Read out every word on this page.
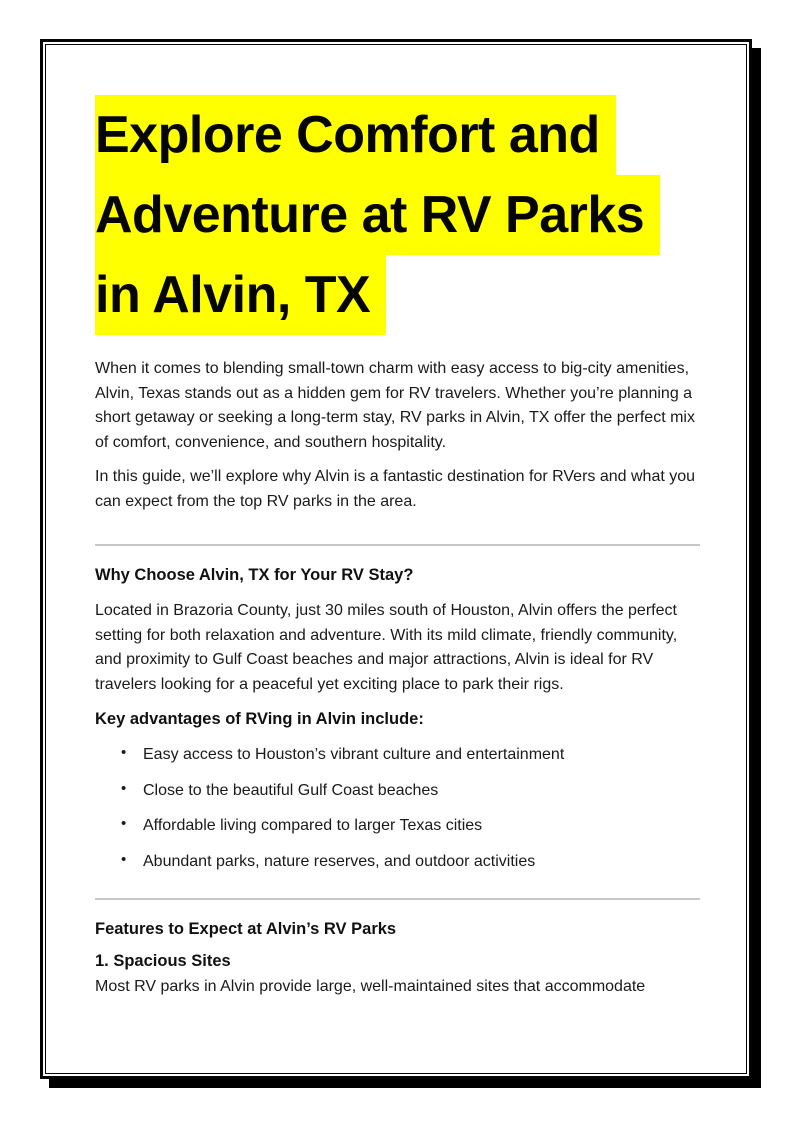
Explore Comfort and
Adventure at RV Parks
in Alvin, TX

When it comes to blending small-town charm with easy access to big-city amenities, Alvin, Texas stands out as a hidden gem for RV travelers. Whether you’re planning a short getaway or seeking a long-term stay, RV parks in Alvin, TX offer the perfect mix of comfort, convenience, and southern hospitality.

In this guide, we’ll explore why Alvin is a fantastic destination for RVers and what you can expect from the top RV parks in the area.

Why Choose Alvin, TX for Your RV Stay?

Located in Brazoria County, just 30 miles south of Houston, Alvin offers the perfect setting for both relaxation and adventure. With its mild climate, friendly community, and proximity to Gulf Coast beaches and major attractions, Alvin is ideal for RV travelers looking for a peaceful yet exciting place to park their rigs.

Key advantages of RVing in Alvin include:
• Easy access to Houston’s vibrant culture and entertainment
• Close to the beautiful Gulf Coast beaches
• Affordable living compared to larger Texas cities
• Abundant parks, nature reserves, and outdoor activities
Features to Expect at Alvin’s RV Parks
1. Spacious Sites
Most RV parks in Alvin provide large, well-maintained sites that accommodate
